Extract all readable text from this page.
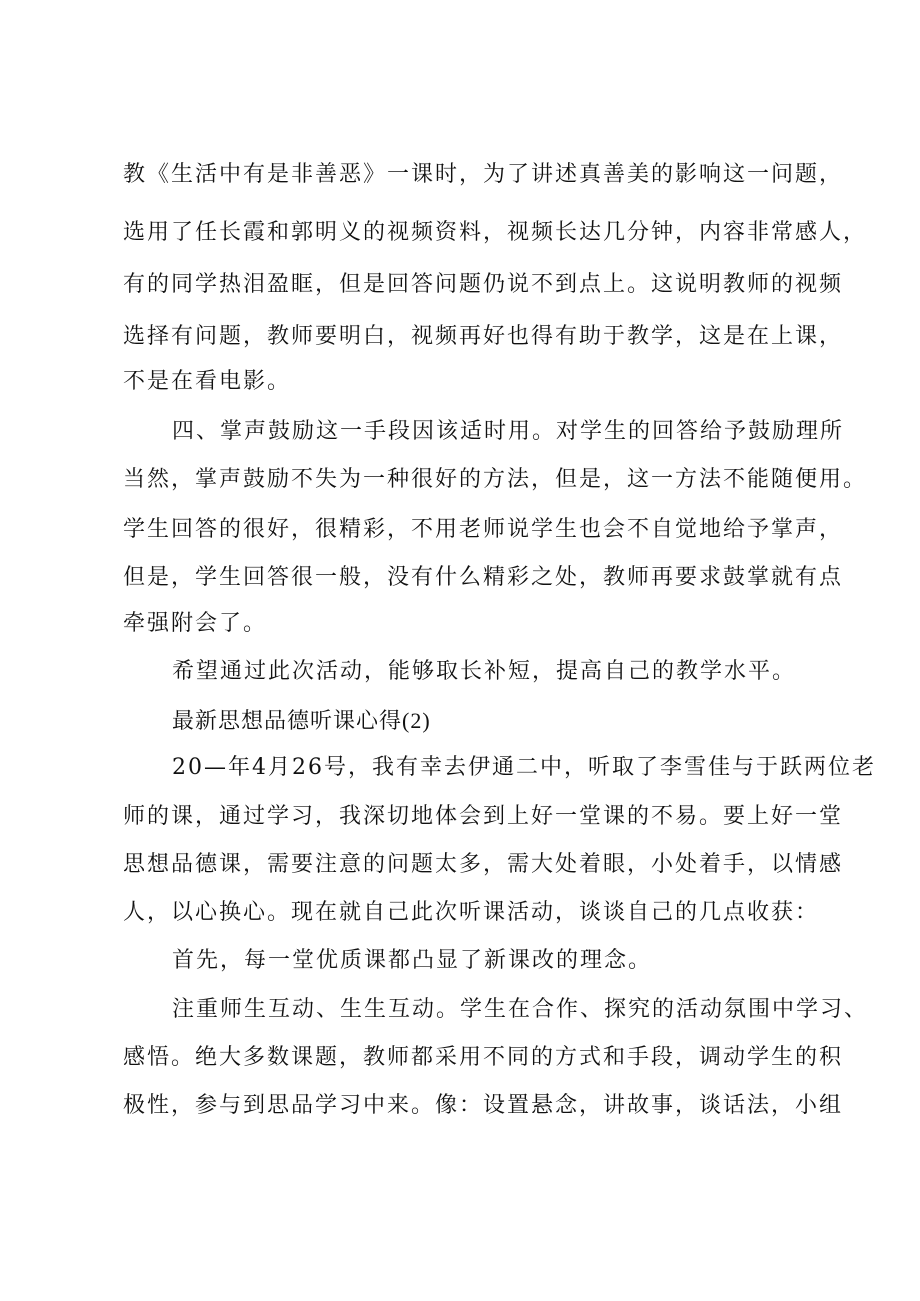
教《生活中有是非善恶》一课时，为了讲述真善美的影响这一问题，
选用了任长霞和郭明义的视频资料，视频长达几分钟，内容非常感人，
有的同学热泪盈眶，但是回答问题仍说不到点上。这说明教师的视频
选择有问题，教师要明白，视频再好也得有助于教学，这是在上课，
不是在看电影。
四、掌声鼓励这一手段因该适时用。对学生的回答给予鼓励理所
当然，掌声鼓励不失为一种很好的方法，但是，这一方法不能随便用。
学生回答的很好，很精彩，不用老师说学生也会不自觉地给予掌声，
但是，学生回答很一般，没有什么精彩之处，教师再要求鼓掌就有点
牵强附会了。
希望通过此次活动，能够取长补短，提高自己的教学水平。
最新思想品德听课心得(2)
20—年4月26号，我有幸去伊通二中，听取了李雪佳与于跃两位老
师的课，通过学习，我深切地体会到上好一堂课的不易。要上好一堂
思想品德课，需要注意的问题太多，需大处着眼，小处着手，以情感
人，以心换心。现在就自己此次听课活动，谈谈自己的几点收获：
首先，每一堂优质课都凸显了新课改的理念。
注重师生互动、生生互动。学生在合作、探究的活动氛围中学习、
感悟。绝大多数课题，教师都采用不同的方式和手段，调动学生的积
极性，参与到思品学习中来。像：设置悬念，讲故事，谈话法，小组
